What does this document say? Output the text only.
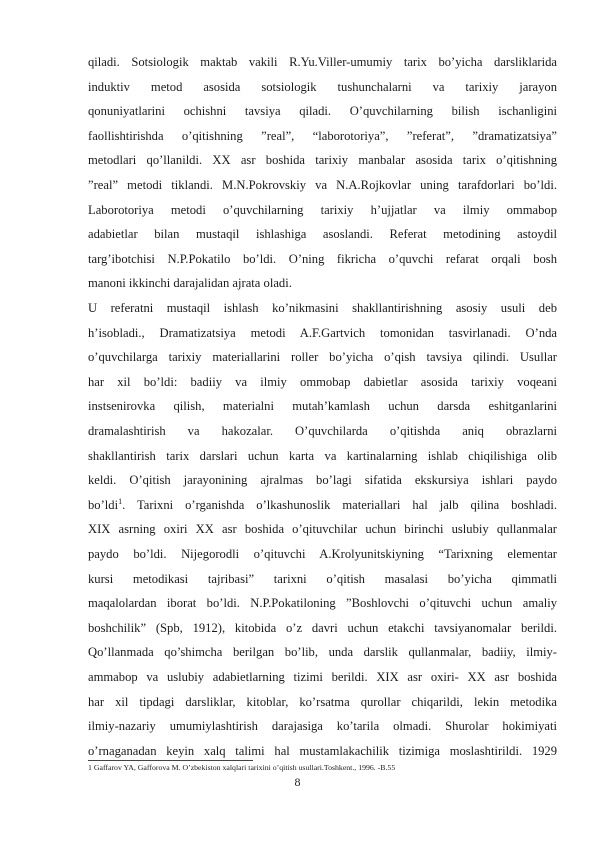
qiladi. Sotsiologik maktab vakili R.Yu.Viller-umumiy tarix bo’yicha darsliklarida
induktiv metod asosida sotsiologik tushunchalarni va tarixiy jarayon
qonuniyatlarini ochishni tavsiya qiladi. O’quvchilarning bilish ischanligini
faollishtirishda o’qitishning ”real”, “laborotoriya”, ”referat”, ”dramatizatsiya”
metodlari qo’llanildi. XX asr boshida tarixiy manbalar asosida tarix o’qitishning
”real” metodi tiklandi. M.N.Pokrovskiy va N.A.Rojkovlar uning tarafdorlari bo’ldi.
Laborotoriya metodi o’quvchilarning tarixiy h’ujjatlar va ilmiy ommabop
adabietlar bilan mustaqil ishlashiga asoslandi. Referat metodining astoydil
targ’ibotchisi N.P.Pokatilo bo’ldi. O’ning fikricha o’quvchi refarat orqali bosh
manoni ikkinchi darajalidan ajrata oladi.
U referatni mustaqil ishlash ko’nikmasini shakllantirishning asosiy usuli deb
h’isobladi., Dramatizatsiya metodi A.F.Gartvich tomonidan tasvirlanadi. O’nda
o’quvchilarga tarixiy materiallarini roller bo’yicha o’qish tavsiya qilindi. Usullar
har xil bo’ldi: badiiy va ilmiy ommobap dabietlar asosida tarixiy voqeani
instsenirovka qilish, materialni mutah’kamlash uchun darsda eshitganlarini
dramalashtirish va hakozalar. O’quvchilarda o’qitishda aniq obrazlarni
shakllantirish tarix darslari uchun karta va kartinalarning ishlab chiqilishiga olib
keldi. O’qitish jarayonining ajralmas bo’lagi sifatida ekskursiya ishlari paydo
bo’ldi$^1$. Tarixni o’rganishda o’lkashunoslik materiallari hal jalb qilina boshladi.
XIX asrning oxiri XX asr boshida o’qituvchilar uchun birinchi uslubiy qullanmalar
paydo bo’ldi. Nijegorodli o’qituvchi A.Krolyunitskiyning “Tarixning elementar
kursi metodikasi tajribasi” tarixni o’qitish masalasi bo’yicha qimmatli
maqalolardan iborat bo’ldi. N.P.Pokatiloning ”Boshlovchi o’qituvchi uchun amaliy
boshchilik” (Spb, 1912), kitobida o’z davri uchun etakchi tavsiyanomalar berildi.
Qo’llanmada qo’shimcha berilgan bo’lib, unda darslik qullanmalar, badiiy, ilmiy-
ammabop va uslubiy adabietlarning tizimi berildi. XIX asr oxiri- XX asr boshida
har xil tipdagi darsliklar, kitoblar, ko’rsatma qurollar chiqarildi, lekin metodika
ilmiy-nazariy umumiylashtirish darajasiga ko’tarila olmadi. Shurolar hokimiyati
o’rnaganadan keyin xalq talimi hal mustamlakachilik tizimiga moslashtirildi. 1929
1 Gaffarov YA, Gafforova M. O’zbekiston xalqlari tarixini o’qitish usullari.Toshkent., 1996. -B.55
8
